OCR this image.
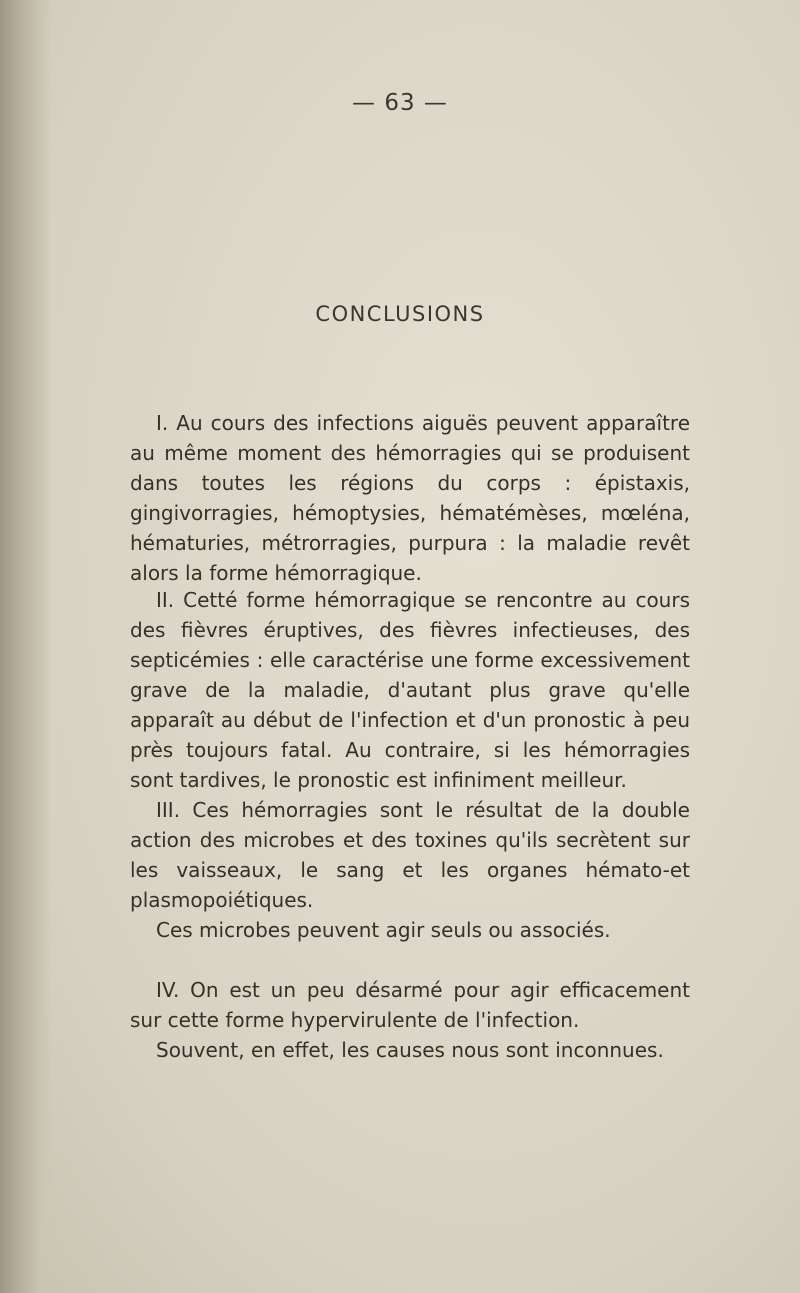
— 63 —
CONCLUSIONS

I. Au cours des infections aiguës peuvent apparaître au même moment des hémorragies qui se produisent dans toutes les régions du corps : épistaxis, gingivorragies, hémoptysies, hématémèses, mœléna, hématuries, métrorragies, purpura : la maladie revêt alors la forme hémorragique.

II. Cetté forme hémorragique se rencontre au cours des fièvres éruptives, des fièvres infectieuses, des septicémies : elle caractérise une forme excessivement grave de la maladie, d'autant plus grave qu'elle apparaît au début de l'infection et d'un pronostic à peu près toujours fatal. Au contraire, si les hémorragies sont tardives, le pronostic est infiniment meilleur.

III. Ces hémorragies sont le résultat de la double action des microbes et des toxines qu'ils secrètent sur les vaisseaux, le sang et les organes hémato-et plasmopoiétiques.

Ces microbes peuvent agir seuls ou associés.

IV. On est un peu désarmé pour agir efficacement sur cette forme hypervirulente de l'infection.

Souvent, en effet, les causes nous sont inconnues.
